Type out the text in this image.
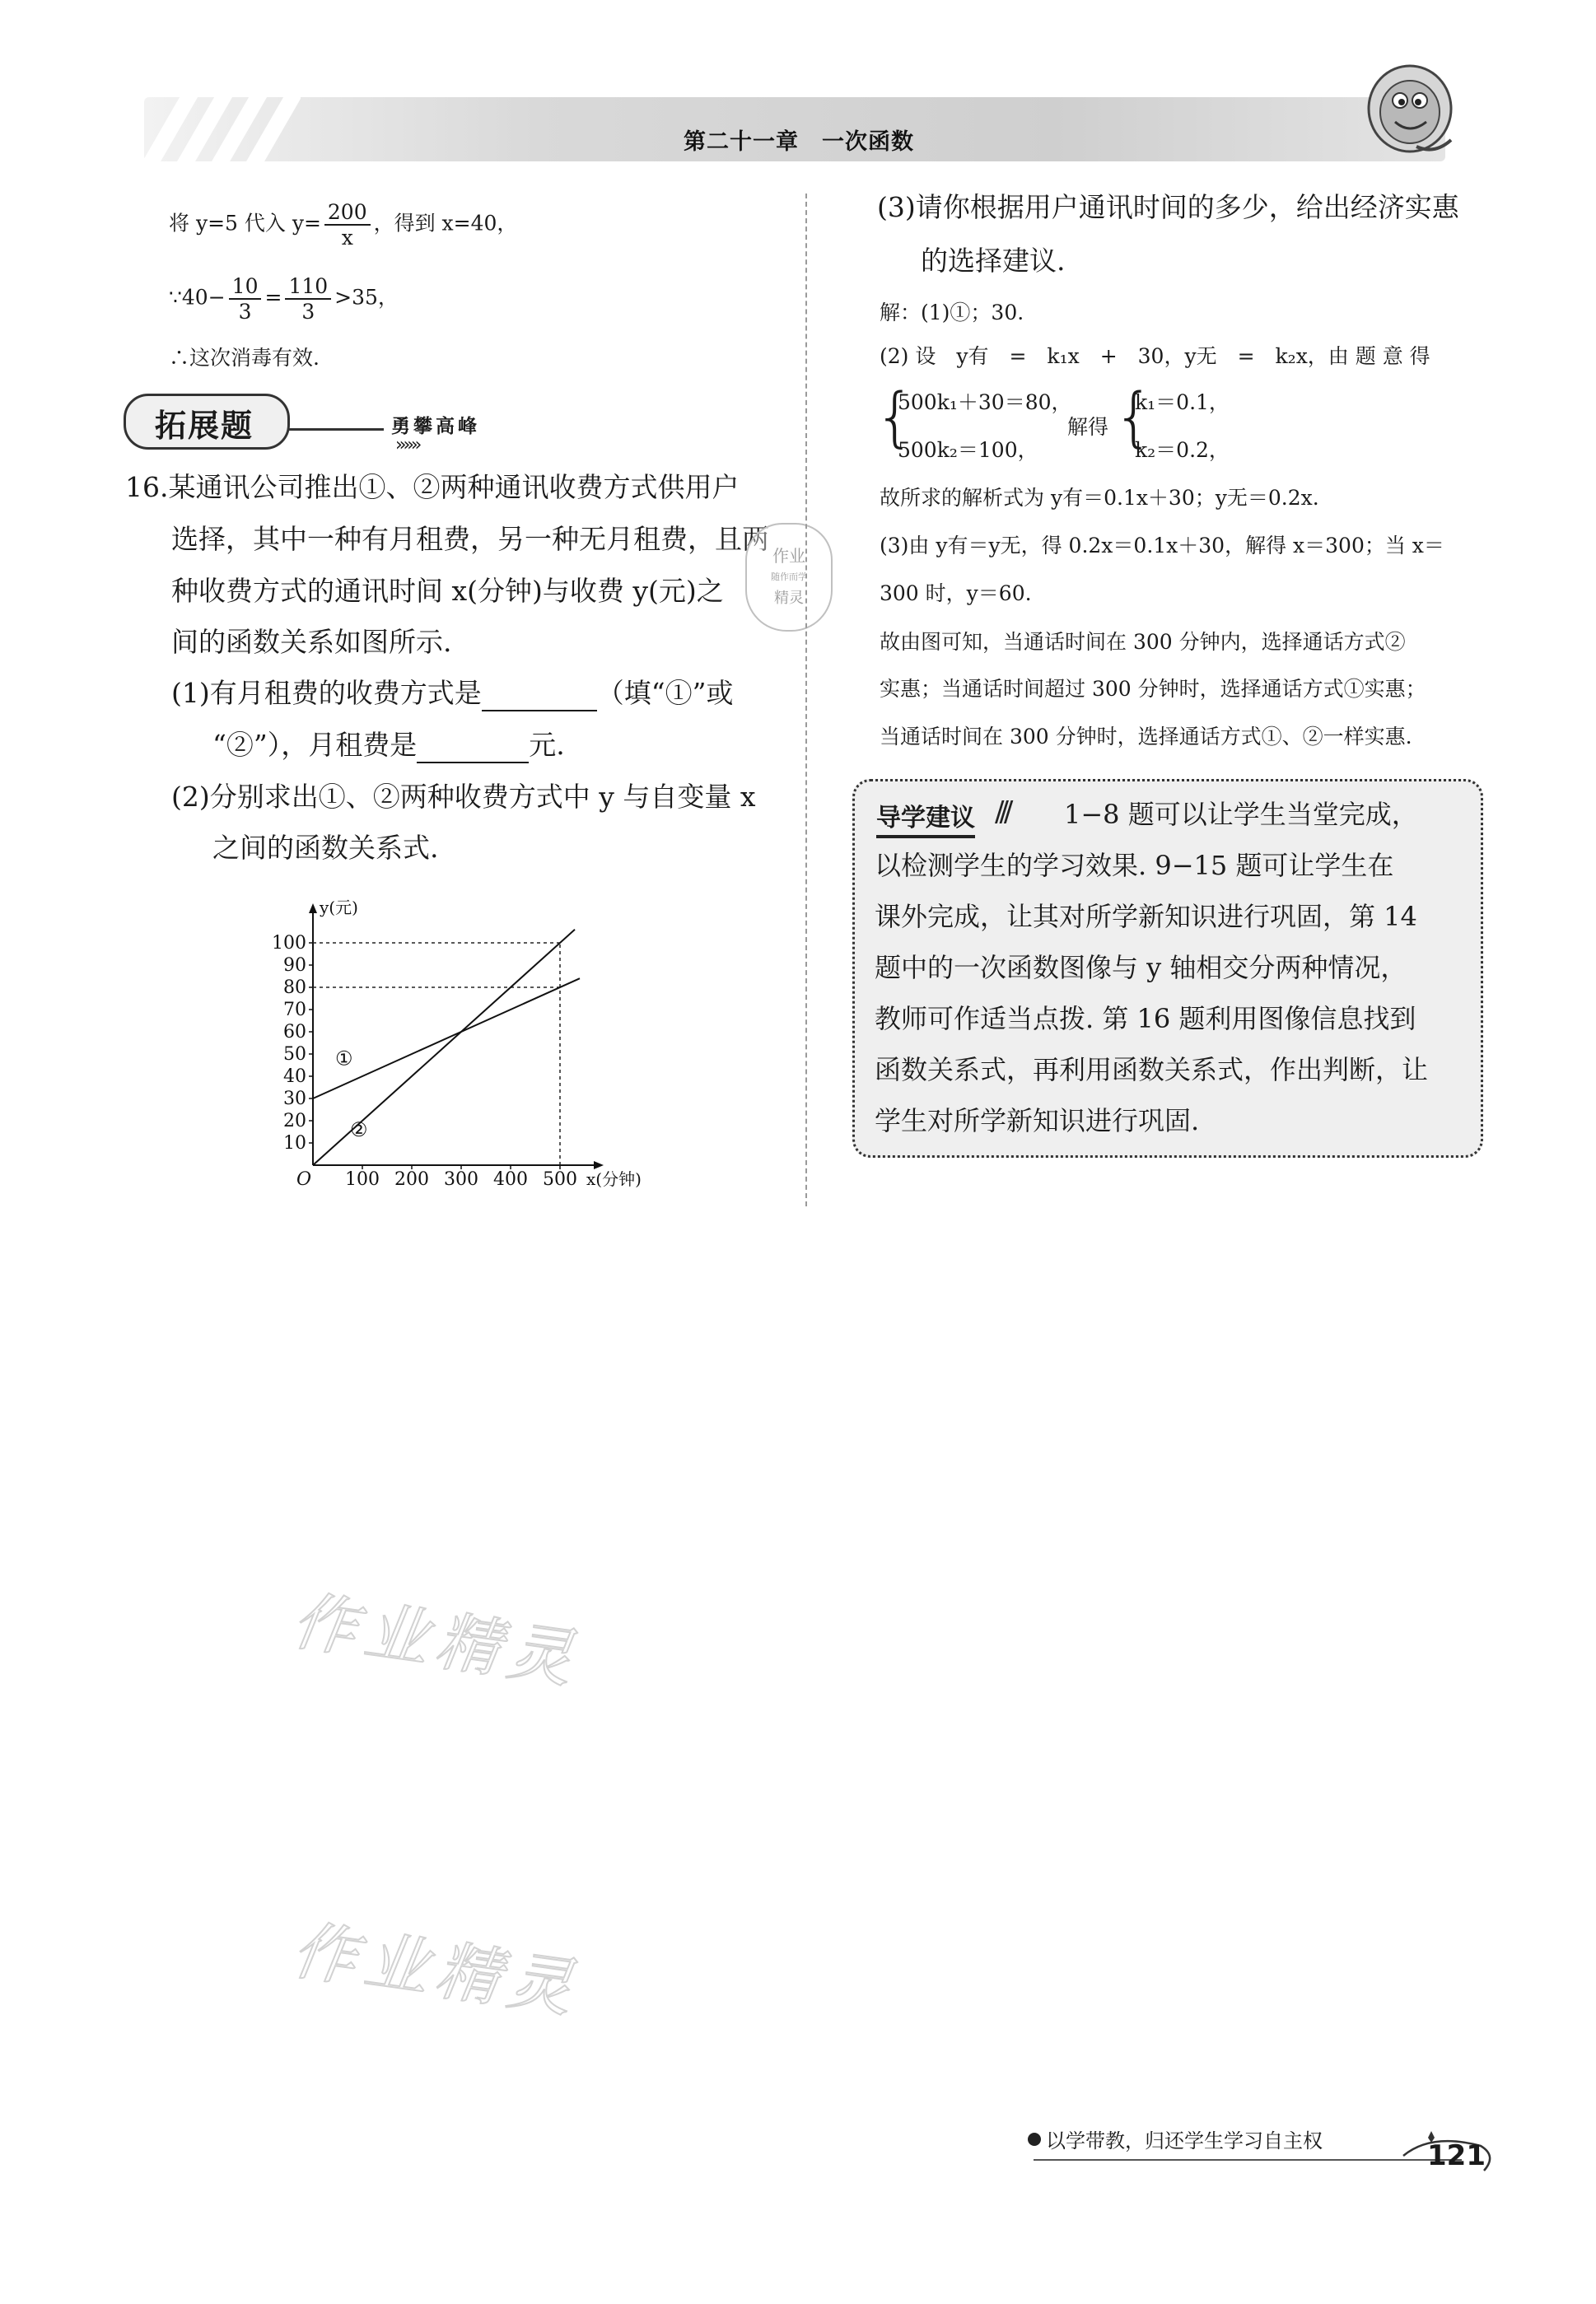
第二十一章　一次函数
将 y=5 代入 $y= \frac{200}{x}$ ，得到 x=40，
∵40− $\frac{10}{3} = \frac{110}{3} >35$，
∴这次消毒有效.
拓展题	勇攀高峰
»»»
16.某通讯公司推出①、②两种通讯收费方式供用户
选择，其中一种有月租费，另一种无月租费，且两
种收费方式的通讯时间 x(分钟)与收费 y(元)之
间的函数关系如图所示.
(1)有月租费的收费方式是	（填“①”或
“②”），月租费是	元.
(2)分别求出①、②两种收费方式中 y 与自变量 x
之间的函数关系式.
作业
随作而学
精灵
y(元)
x(分钟)
O
10
20
30
40
50
60
70
80
90
100
100 200 300 400 500
①
②
(3)请你根据用户通讯时间的多少，给出经济实惠
的选择建议.
解：(1)①；30.
(2) 设　y有　=　k₁x　+　30，y无　=　k₂x，由 题 意 得
{
500k₁＋30＝80，
500k₂＝100，
解得 {
k₁＝0.1，
k₂＝0.2，
故所求的解析式为 y有＝0.1x＋30；y无＝0.2x.
(3)由 y有＝y无，得 0.2x＝0.1x＋30，解得 x＝300；当 x＝
300 时，y＝60.
故由图可知，当通话时间在 300 分钟内，选择通话方式②
实惠；当通话时间超过 300 分钟时，选择通话方式①实惠；
当通话时间在 300 分钟时，选择通话方式①、②一样实惠.
导学建议 /// 1−8 题可以让学生当堂完成，
以检测学生的学习效果. 9−15 题可让学生在
课外完成，让其对所学新知识进行巩固，第 14
题中的一次函数图像与 y 轴相交分两种情况，
教师可作适当点拨. 第 16 题利用图像信息找到
函数关系式，再利用函数关系式，作出判断，让
学生对所学新知识进行巩固.
作业精灵
作业精灵
以学带教，归还学生学习自主权	121
